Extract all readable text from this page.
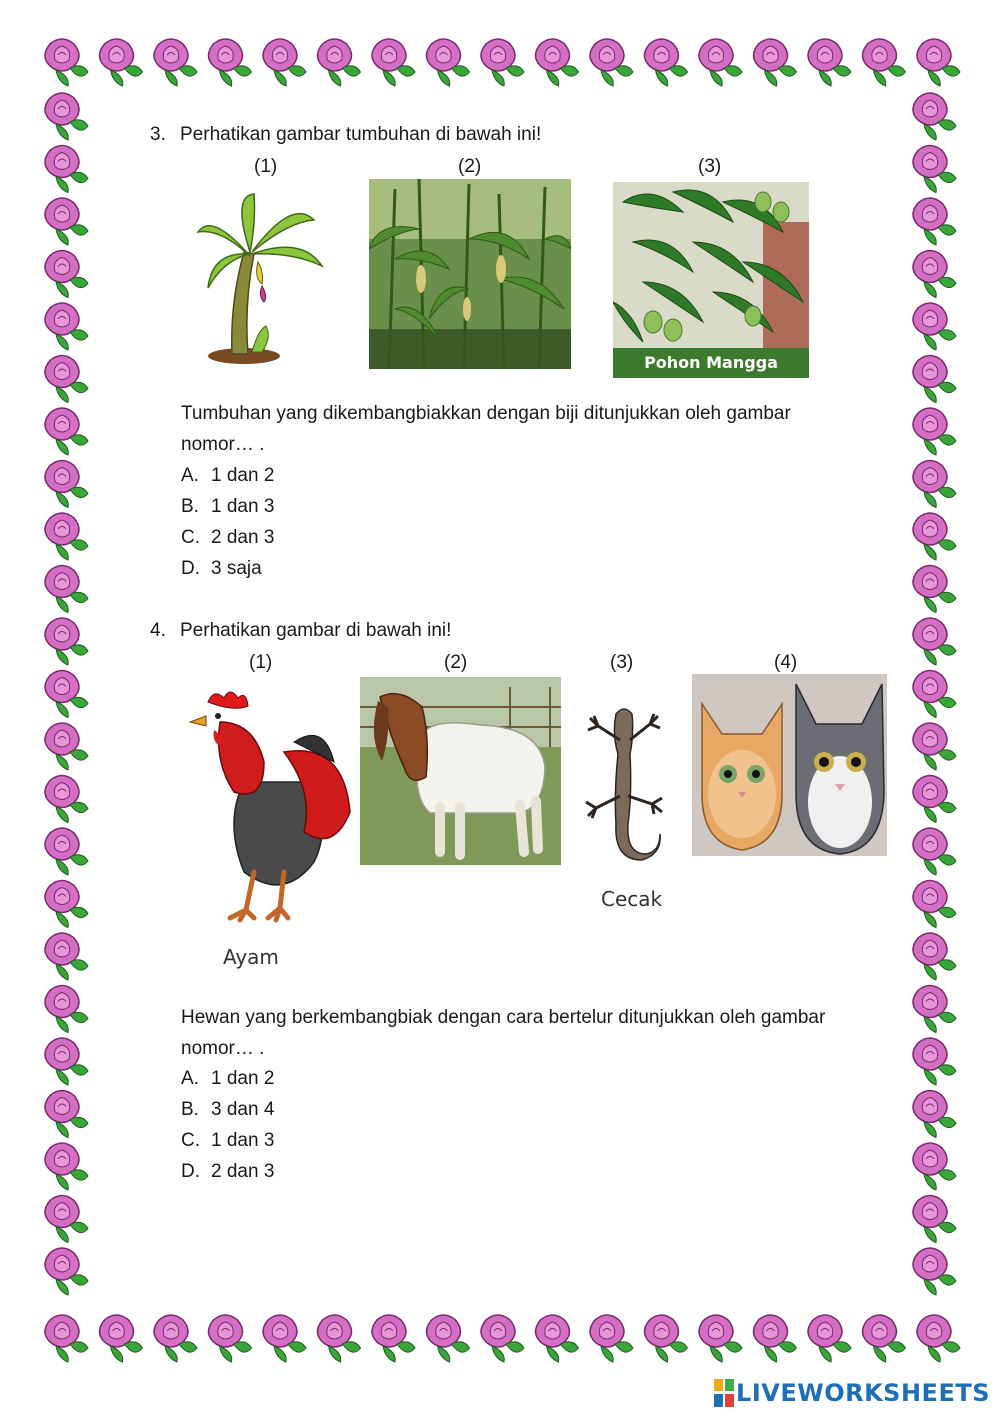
3. Perhatikan gambar tumbuhan di bawah ini!
(1)	(2)	(3)
Pohon Mangga
Tumbuhan yang dikembangbiakkan dengan biji ditunjukkan oleh gambar
nomor… .
A. 1 dan 2
B. 1 dan 3
C. 2 dan 3
D. 3 saja
4. Perhatikan gambar di bawah ini!
(1)	(2)	(3)	(4)
Ayam
Cecak
Hewan yang berkembangbiak dengan cara bertelur ditunjukkan oleh gambar
nomor… .
A. 1 dan 2
B. 3 dan 4
C. 1 dan 3
D. 2 dan 3
LIVEWORKSHEETS
